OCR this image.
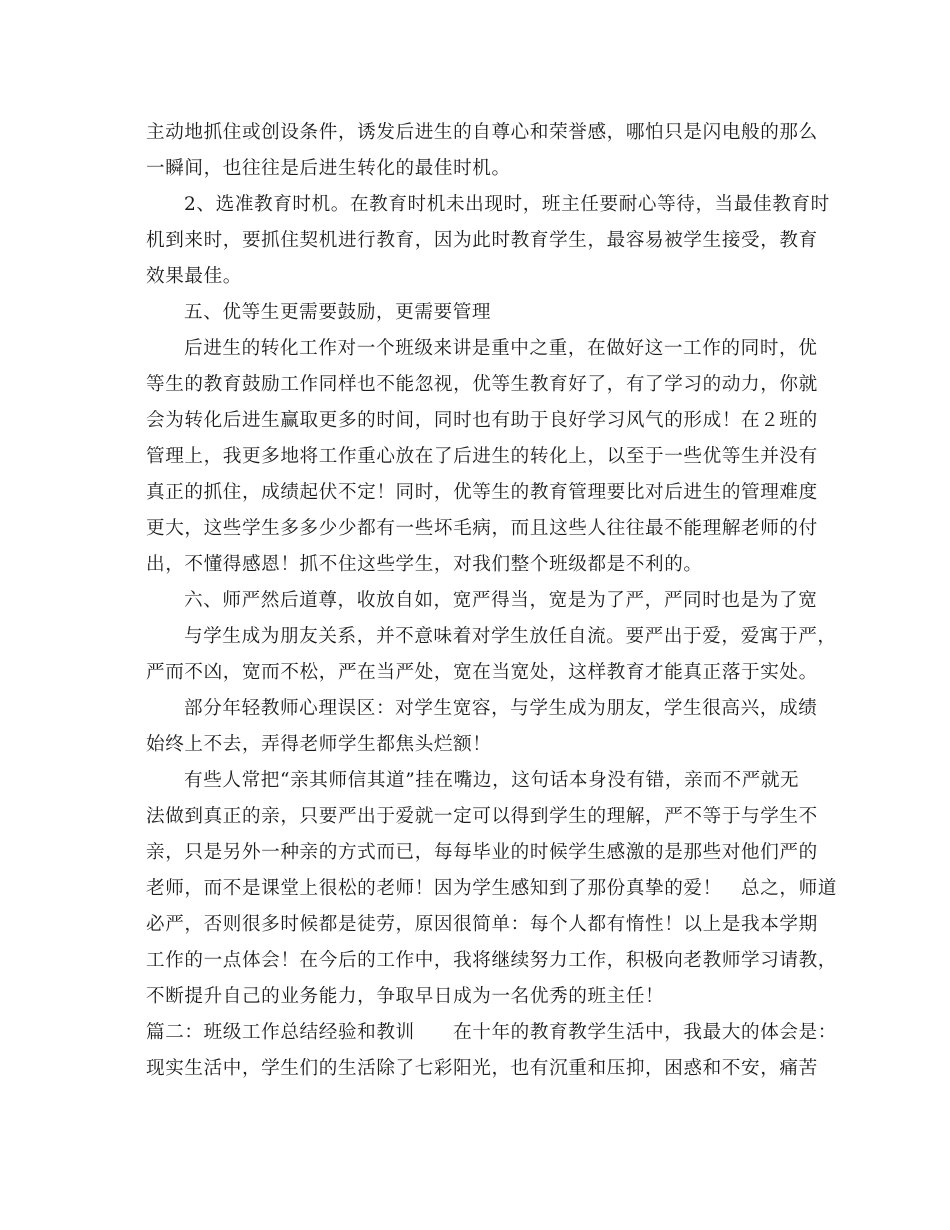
主动地抓住或创设条件，诱发后进生的自尊心和荣誉感，哪怕只是闪电般的那么
一瞬间，也往往是后进生转化的最佳时机。
2、选准教育时机。在教育时机未出现时，班主任要耐心等待，当最佳教育时
机到来时，要抓住契机进行教育，因为此时教育学生，最容易被学生接受，教育
效果最佳。
五、优等生更需要鼓励，更需要管理
后进生的转化工作对一个班级来讲是重中之重，在做好这一工作的同时，优
等生的教育鼓励工作同样也不能忽视，优等生教育好了，有了学习的动力，你就
会为转化后进生赢取更多的时间，同时也有助于良好学习风气的形成！在２班的
管理上，我更多地将工作重心放在了后进生的转化上，以至于一些优等生并没有
真正的抓住，成绩起伏不定！同时，优等生的教育管理要比对后进生的管理难度
更大，这些学生多多少少都有一些坏毛病，而且这些人往往最不能理解老师的付
出，不懂得感恩！抓不住这些学生，对我们整个班级都是不利的。
六、师严然后道尊，收放自如，宽严得当，宽是为了严，严同时也是为了宽
与学生成为朋友关系，并不意味着对学生放任自流。要严出于爱，爱寓于严，
严而不凶，宽而不松，严在当严处，宽在当宽处，这样教育才能真正落于实处。
部分年轻教师心理误区：对学生宽容，与学生成为朋友，学生很高兴，成绩
始终上不去，弄得老师学生都焦头烂额！
有些人常把“亲其师信其道”挂在嘴边，这句话本身没有错，亲而不严就无
法做到真正的亲，只要严出于爱就一定可以得到学生的理解，严不等于与学生不
亲，只是另外一种亲的方式而已，每每毕业的时候学生感激的是那些对他们严的
老师，而不是课堂上很松的老师！因为学生感知到了那份真挚的爱！　总之，师道
必严，否则很多时候都是徒劳，原因很简单：每个人都有惰性！以上是我本学期
工作的一点体会！在今后的工作中，我将继续努力工作，积极向老教师学习请教，
不断提升自己的业务能力，争取早日成为一名优秀的班主任！
篇二：班级工作总结经验和教训　　在十年的教育教学生活中，我最大的体会是：
现实生活中，学生们的生活除了七彩阳光，也有沉重和压抑，困惑和不安，痛苦
